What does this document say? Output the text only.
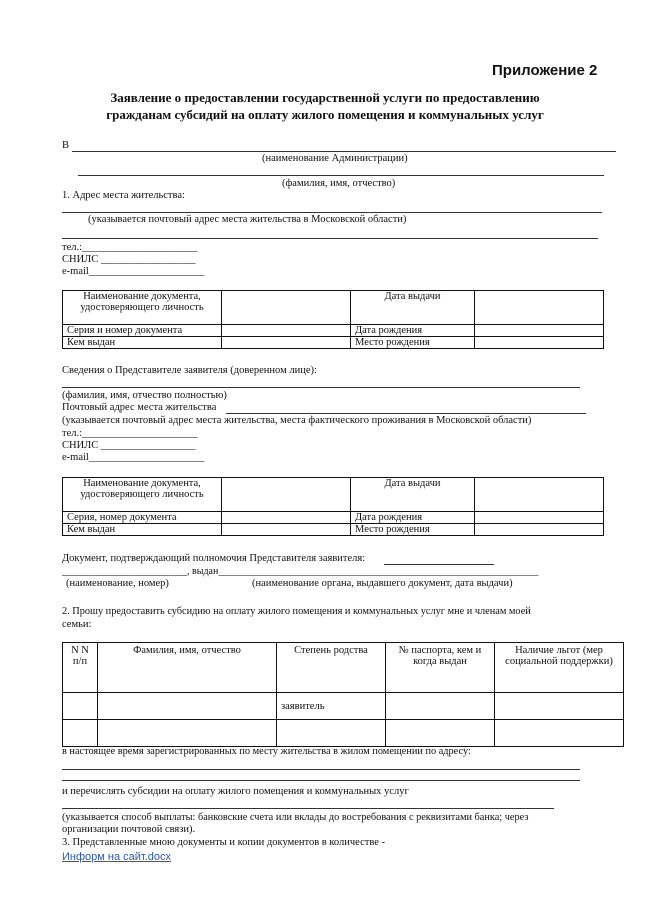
Приложение 2
Заявление о предоставлении государственной услуги по предоставлению
гражданам субсидий на оплату жилого помещения и коммунальных услуг
В
(наименование Администрации)
(фамилия, имя, отчество)
1. Адрес места жительства:
(указывается почтовый адрес места жительства в Московской области)
тел.:______________________
СНИЛС __________________
e-mail______________________
Наименование документа,
удостоверяющего личность		Дата выдачи	
Серия и номер документа		Дата рождения	
Кем выдан		Место рождения	
Сведения о Представителе заявителя (доверенном лице):
(фамилия, имя, отчество полностью)
Почтовый адрес места жительства
(указывается почтовый адрес места жительства, места фактического проживания в Московской области)
тел.:______________________
СНИЛС __________________
e-mail______________________
Наименование документа,
удостоверяющего личность		Дата выдачи	
Серия, номер документа		Дата рождения	
Кем выдан		Место рождения	
Документ, подтверждающий полномочия Представителя заявителя:
_________________________, выдан________________________________________________________________
(наименование, номер)	(наименование органа, выдавшего документ, дата выдачи)
2. Прошу предоставить субсидию на оплату жилого помещения и коммунальных услуг мне и членам моей
семьи:
N N п/п	Фамилия, имя, отчество	Степень родства	№ паспорта, кем и когда выдан	Наличие льгот (мер социальной поддержки)
		заявитель		

в настоящее время зарегистрированных по месту жительства в жилом помещении по адресу:
и перечислять субсидии на оплату жилого помещения и коммунальных услуг
(указывается способ выплаты: банковские счета или вклады до востребования с реквизитами банка; через
организации почтовой связи).
3. Представленные мною документы и копии документов в количестве -
Информ на сайт.docx
